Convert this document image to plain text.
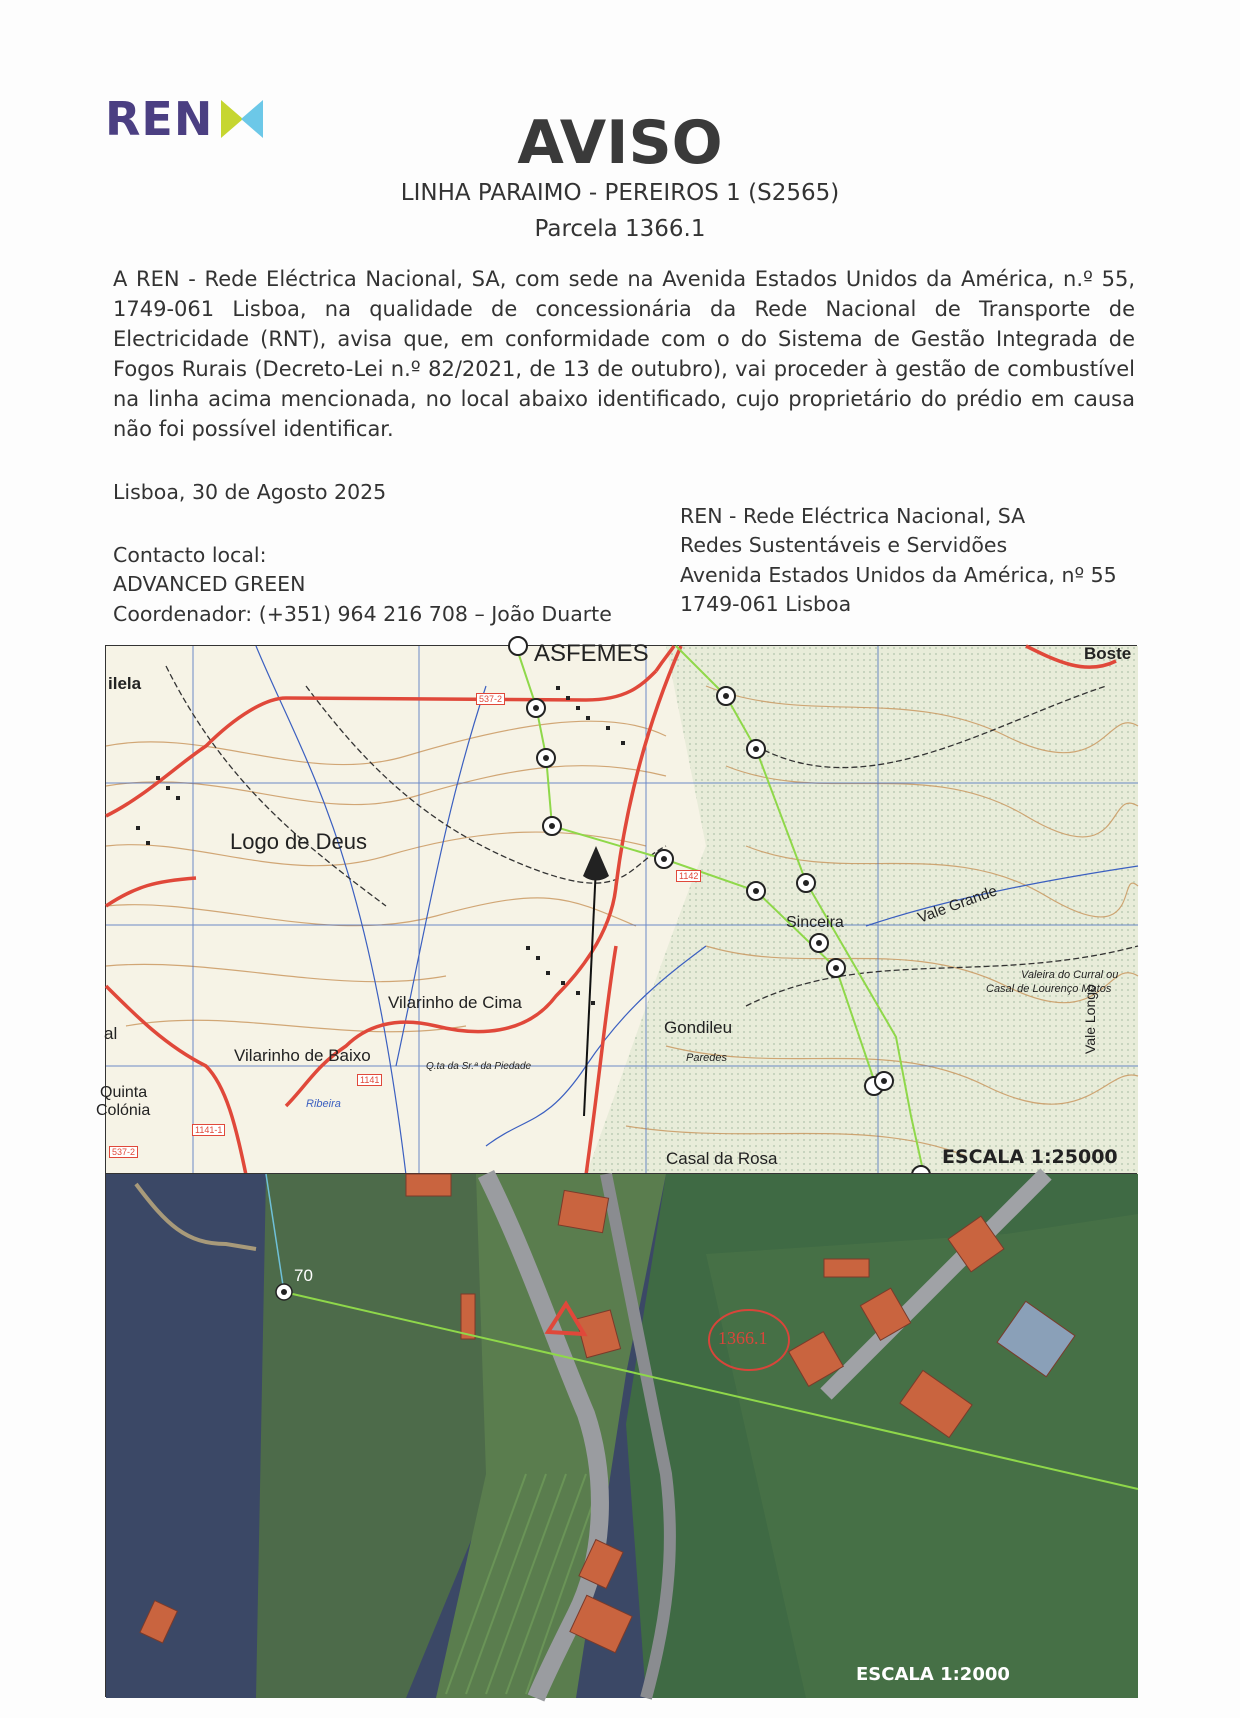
REN	AVISO
LINHA PARAIMO - PEREIROS 1 (S2565)
Parcela 1366.1
A REN - Rede Eléctrica Nacional, SA, com sede na Avenida Estados Unidos da América, n.º 55, 1749-061 Lisboa, na qualidade de concessionária da Rede Nacional de Transporte de Electricidade (RNT), avisa que, em conformidade com o do Sistema de Gestão Integrada de Fogos Rurais (Decreto-Lei n.º 82/2021, de 13 de outubro), vai proceder à gestão de combustível na linha acima mencionada, no local abaixo identificado, cujo proprietário do prédio em causa não foi possível identificar.
Lisboa, 30 de Agosto 2025
Contacto local:
ADVANCED GREEN
Coordenador: (+351) 964 216 708 – João Duarte
REN - Rede Eléctrica Nacional, SA
Redes Sustentáveis e Servidões
Avenida Estados Unidos da América, nº 55
1749-061 Lisboa
ilela
ASFEMES	Boste
Logo de Deus
Sinceira	Vale Grande
Valeira do Curral ou
Casal de Lourenço Matos
Vilarinho de Cima
Vilarinho de Baixo
Gondileu
Paredes
Vale Longo
Quinta
Colónia
Casal da Rosa
al
Q.ta da Sr.ª da Piedade
Ribeira
537-2
1142
1141
1141-1
537-2	ESCALA 1:25000
70
1366.1
ESCALA 1:2000
